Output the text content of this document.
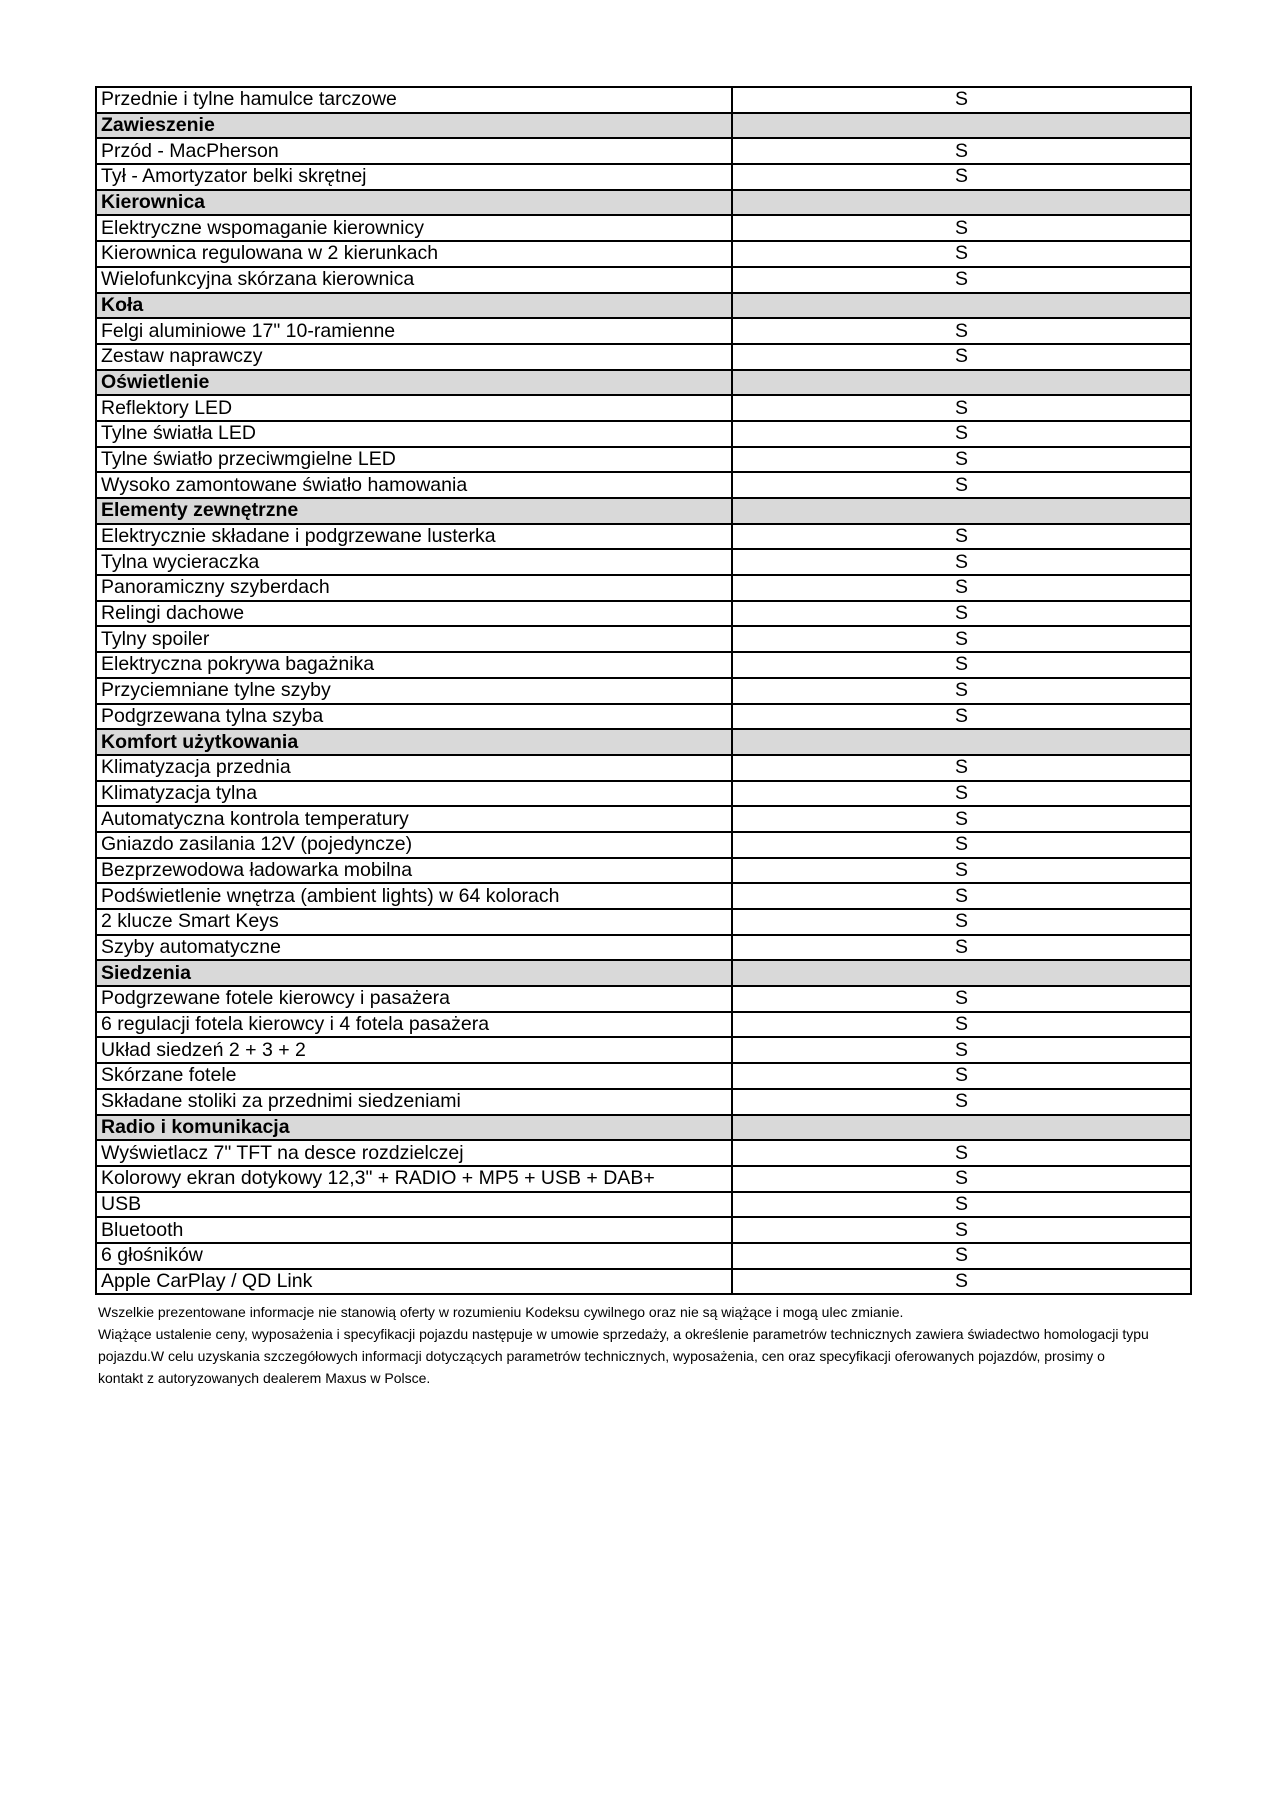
Przednie i tylne hamulce tarczowe	S
Zawieszenie	
Przód - MacPherson	S
Tył - Amortyzator belki skrętnej	S
Kierownica	
Elektryczne wspomaganie kierownicy	S
Kierownica regulowana w 2 kierunkach	S
Wielofunkcyjna skórzana kierownica	S
Koła	
Felgi aluminiowe 17" 10-ramienne	S
Zestaw naprawczy	S
Oświetlenie	
Reflektory LED	S
Tylne światła LED	S
Tylne światło przeciwmgielne LED	S
Wysoko zamontowane światło hamowania	S
Elementy zewnętrzne	
Elektrycznie składane i podgrzewane lusterka	S
Tylna wycieraczka	S
Panoramiczny szyberdach	S
Relingi dachowe	S
Tylny spoiler	S
Elektryczna pokrywa bagażnika	S
Przyciemniane tylne szyby	S
Podgrzewana tylna szyba	S
Komfort użytkowania	
Klimatyzacja przednia	S
Klimatyzacja tylna	S
Automatyczna kontrola temperatury	S
Gniazdo zasilania 12V (pojedyncze)	S
Bezprzewodowa ładowarka mobilna	S
Podświetlenie wnętrza (ambient lights) w 64 kolorach	S
2 klucze Smart Keys	S
Szyby automatyczne	S
Siedzenia	
Podgrzewane fotele kierowcy i pasażera	S
6 regulacji fotela kierowcy i 4 fotela pasażera	S
Układ siedzeń 2 + 3 + 2	S
Skórzane fotele	S
Składane stoliki za przednimi siedzeniami	S
Radio i komunikacja	
Wyświetlacz 7" TFT na desce rozdzielczej	S
Kolorowy ekran dotykowy 12,3" + RADIO + MP5 + USB + DAB+	S
USB	S
Bluetooth	S
6 głośników	S
Apple CarPlay / QD Link	S

Wszelkie prezentowane informacje nie stanowią oferty w rozumieniu Kodeksu cywilnego oraz nie są wiążące i mogą ulec zmianie.

Wiążące ustalenie ceny, wyposażenia i specyfikacji pojazdu następuje w umowie sprzedaży, a określenie parametrów technicznych zawiera świadectwo homologacji typu

pojazdu.W celu uzyskania szczegółowych informacji dotyczących parametrów technicznych, wyposażenia, cen oraz specyfikacji oferowanych pojazdów, prosimy o

kontakt z autoryzowanych dealerem Maxus w Polsce.
